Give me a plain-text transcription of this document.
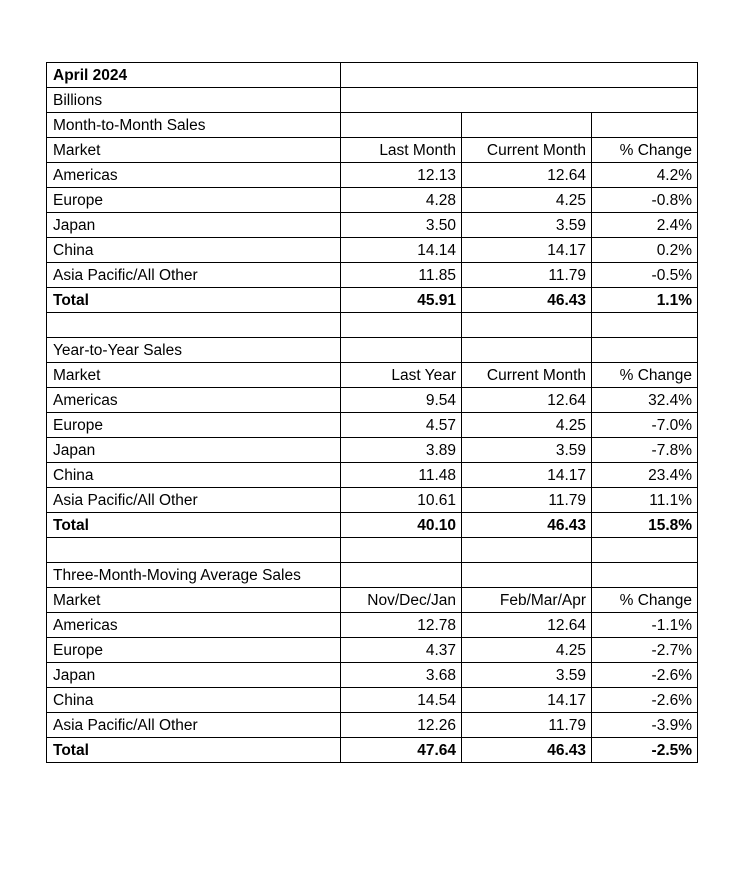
April 2024			
Billions			
Month-to-Month Sales			
Market	Last Month	Current Month	% Change
Americas	12.13	12.64	4.2%
Europe	4.28	4.25	-0.8%
Japan	3.50	3.59	2.4%
China	14.14	14.17	0.2%
Asia Pacific/All Other	11.85	11.79	-0.5%
Total	45.91	46.43	1.1%

Year-to-Year Sales			
Market	Last Year	Current Month	% Change
Americas	9.54	12.64	32.4%
Europe	4.57	4.25	-7.0%
Japan	3.89	3.59	-7.8%
China	11.48	14.17	23.4%
Asia Pacific/All Other	10.61	11.79	11.1%
Total	40.10	46.43	15.8%

Three-Month-Moving Average Sales			
Market	Nov/Dec/Jan	Feb/Mar/Apr	% Change
Americas	12.78	12.64	-1.1%
Europe	4.37	4.25	-2.7%
Japan	3.68	3.59	-2.6%
China	14.54	14.17	-2.6%
Asia Pacific/All Other	12.26	11.79	-3.9%
Total	47.64	46.43	-2.5%
